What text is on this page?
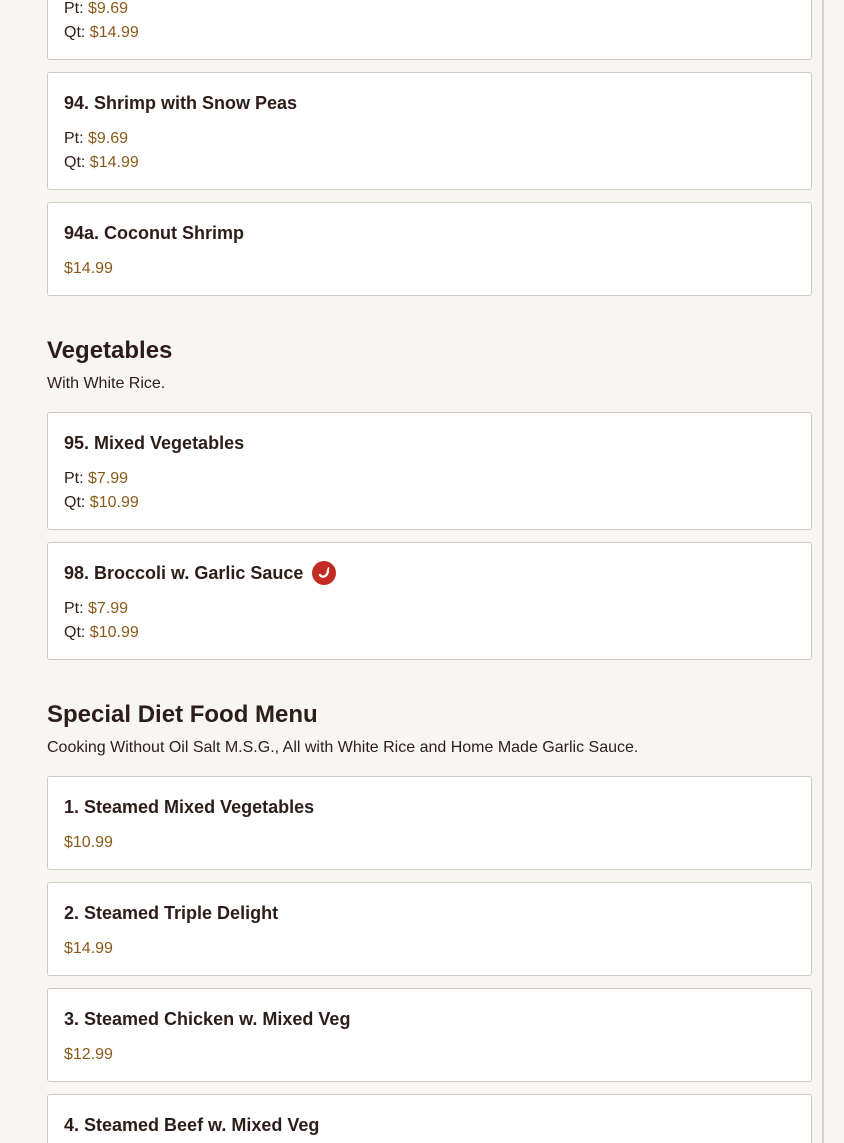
Pt: $9.69
Qt: $14.99
94. Shrimp with Snow Peas
Pt: $9.69
Qt: $14.99
94a. Coconut Shrimp
$14.99
Vegetables
With White Rice.
95. Mixed Vegetables
Pt: $7.99
Qt: $10.99
98. Broccoli w. Garlic Sauce
Pt: $7.99
Qt: $10.99
Special Diet Food Menu
Cooking Without Oil Salt M.S.G., All with White Rice and Home Made Garlic Sauce.
1. Steamed Mixed Vegetables
$10.99
2. Steamed Triple Delight
$14.99
3. Steamed Chicken w. Mixed Veg
$12.99
4. Steamed Beef w. Mixed Veg
